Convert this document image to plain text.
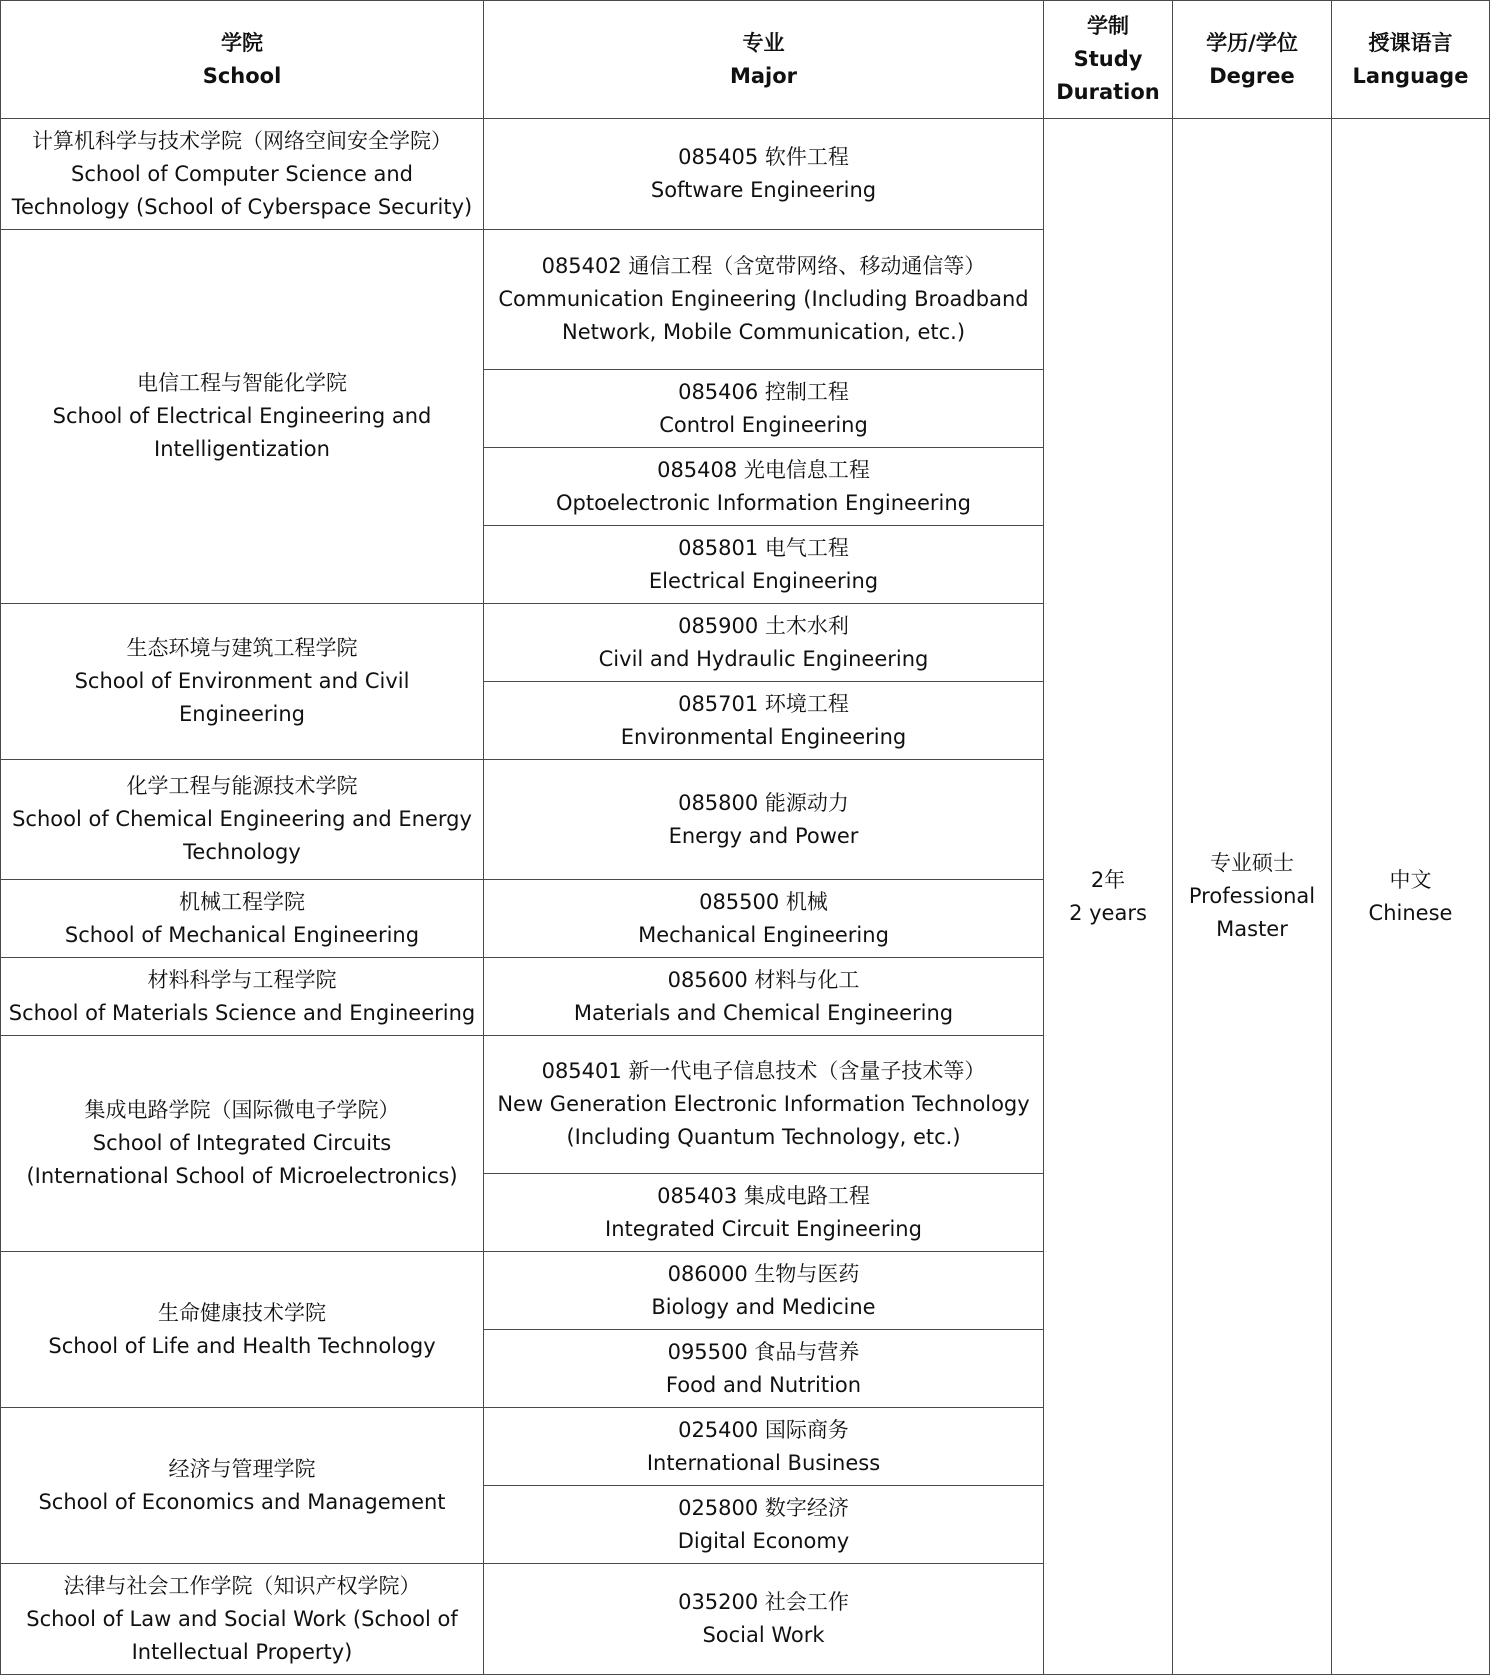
学院
School	专业
Major	学制
Study
Duration	学历/学位
Degree	授课语言
Language

计算机科学与技术学院（网络空间安全学院）
School of Computer Science and
Technology (School of Cyberspace Security)	085405 软件工程
Software Engineering	2年
2 years	专业硕士
Professional
Master	中文
Chinese

电信工程与智能化学院
School of Electrical Engineering and
Intelligentization	085402 通信工程（含宽带网络、移动通信等）
Communication Engineering (Including Broadband
Network, Mobile Communication, etc.)			

	085406 控制工程
Control Engineering			

	085408 光电信息工程
Optoelectronic Information Engineering			

	085801 电气工程
Electrical Engineering			

生态环境与建筑工程学院
School of Environment and Civil
Engineering	085900 土木水利
Civil and Hydraulic Engineering			

	085701 环境工程
Environmental Engineering			

化学工程与能源技术学院
School of Chemical Engineering and Energy
Technology	085800 能源动力
Energy and Power			

机械工程学院
School of Mechanical Engineering	085500 机械
Mechanical Engineering			

材料科学与工程学院
School of Materials Science and Engineering	085600 材料与化工
Materials and Chemical Engineering			

集成电路学院（国际微电子学院）
School of Integrated Circuits
(International School of Microelectronics)	085401 新一代电子信息技术（含量子技术等）
New Generation Electronic Information Technology
(Including Quantum Technology, etc.)			

	085403 集成电路工程
Integrated Circuit Engineering			

生命健康技术学院
School of Life and Health Technology	086000 生物与医药
Biology and Medicine			

	095500 食品与营养
Food and Nutrition			

经济与管理学院
School of Economics and Management	025400 国际商务
International Business			

	025800 数字经济
Digital Economy			

法律与社会工作学院（知识产权学院）
School of Law and Social Work (School of
Intellectual Property)	035200 社会工作
Social Work			
